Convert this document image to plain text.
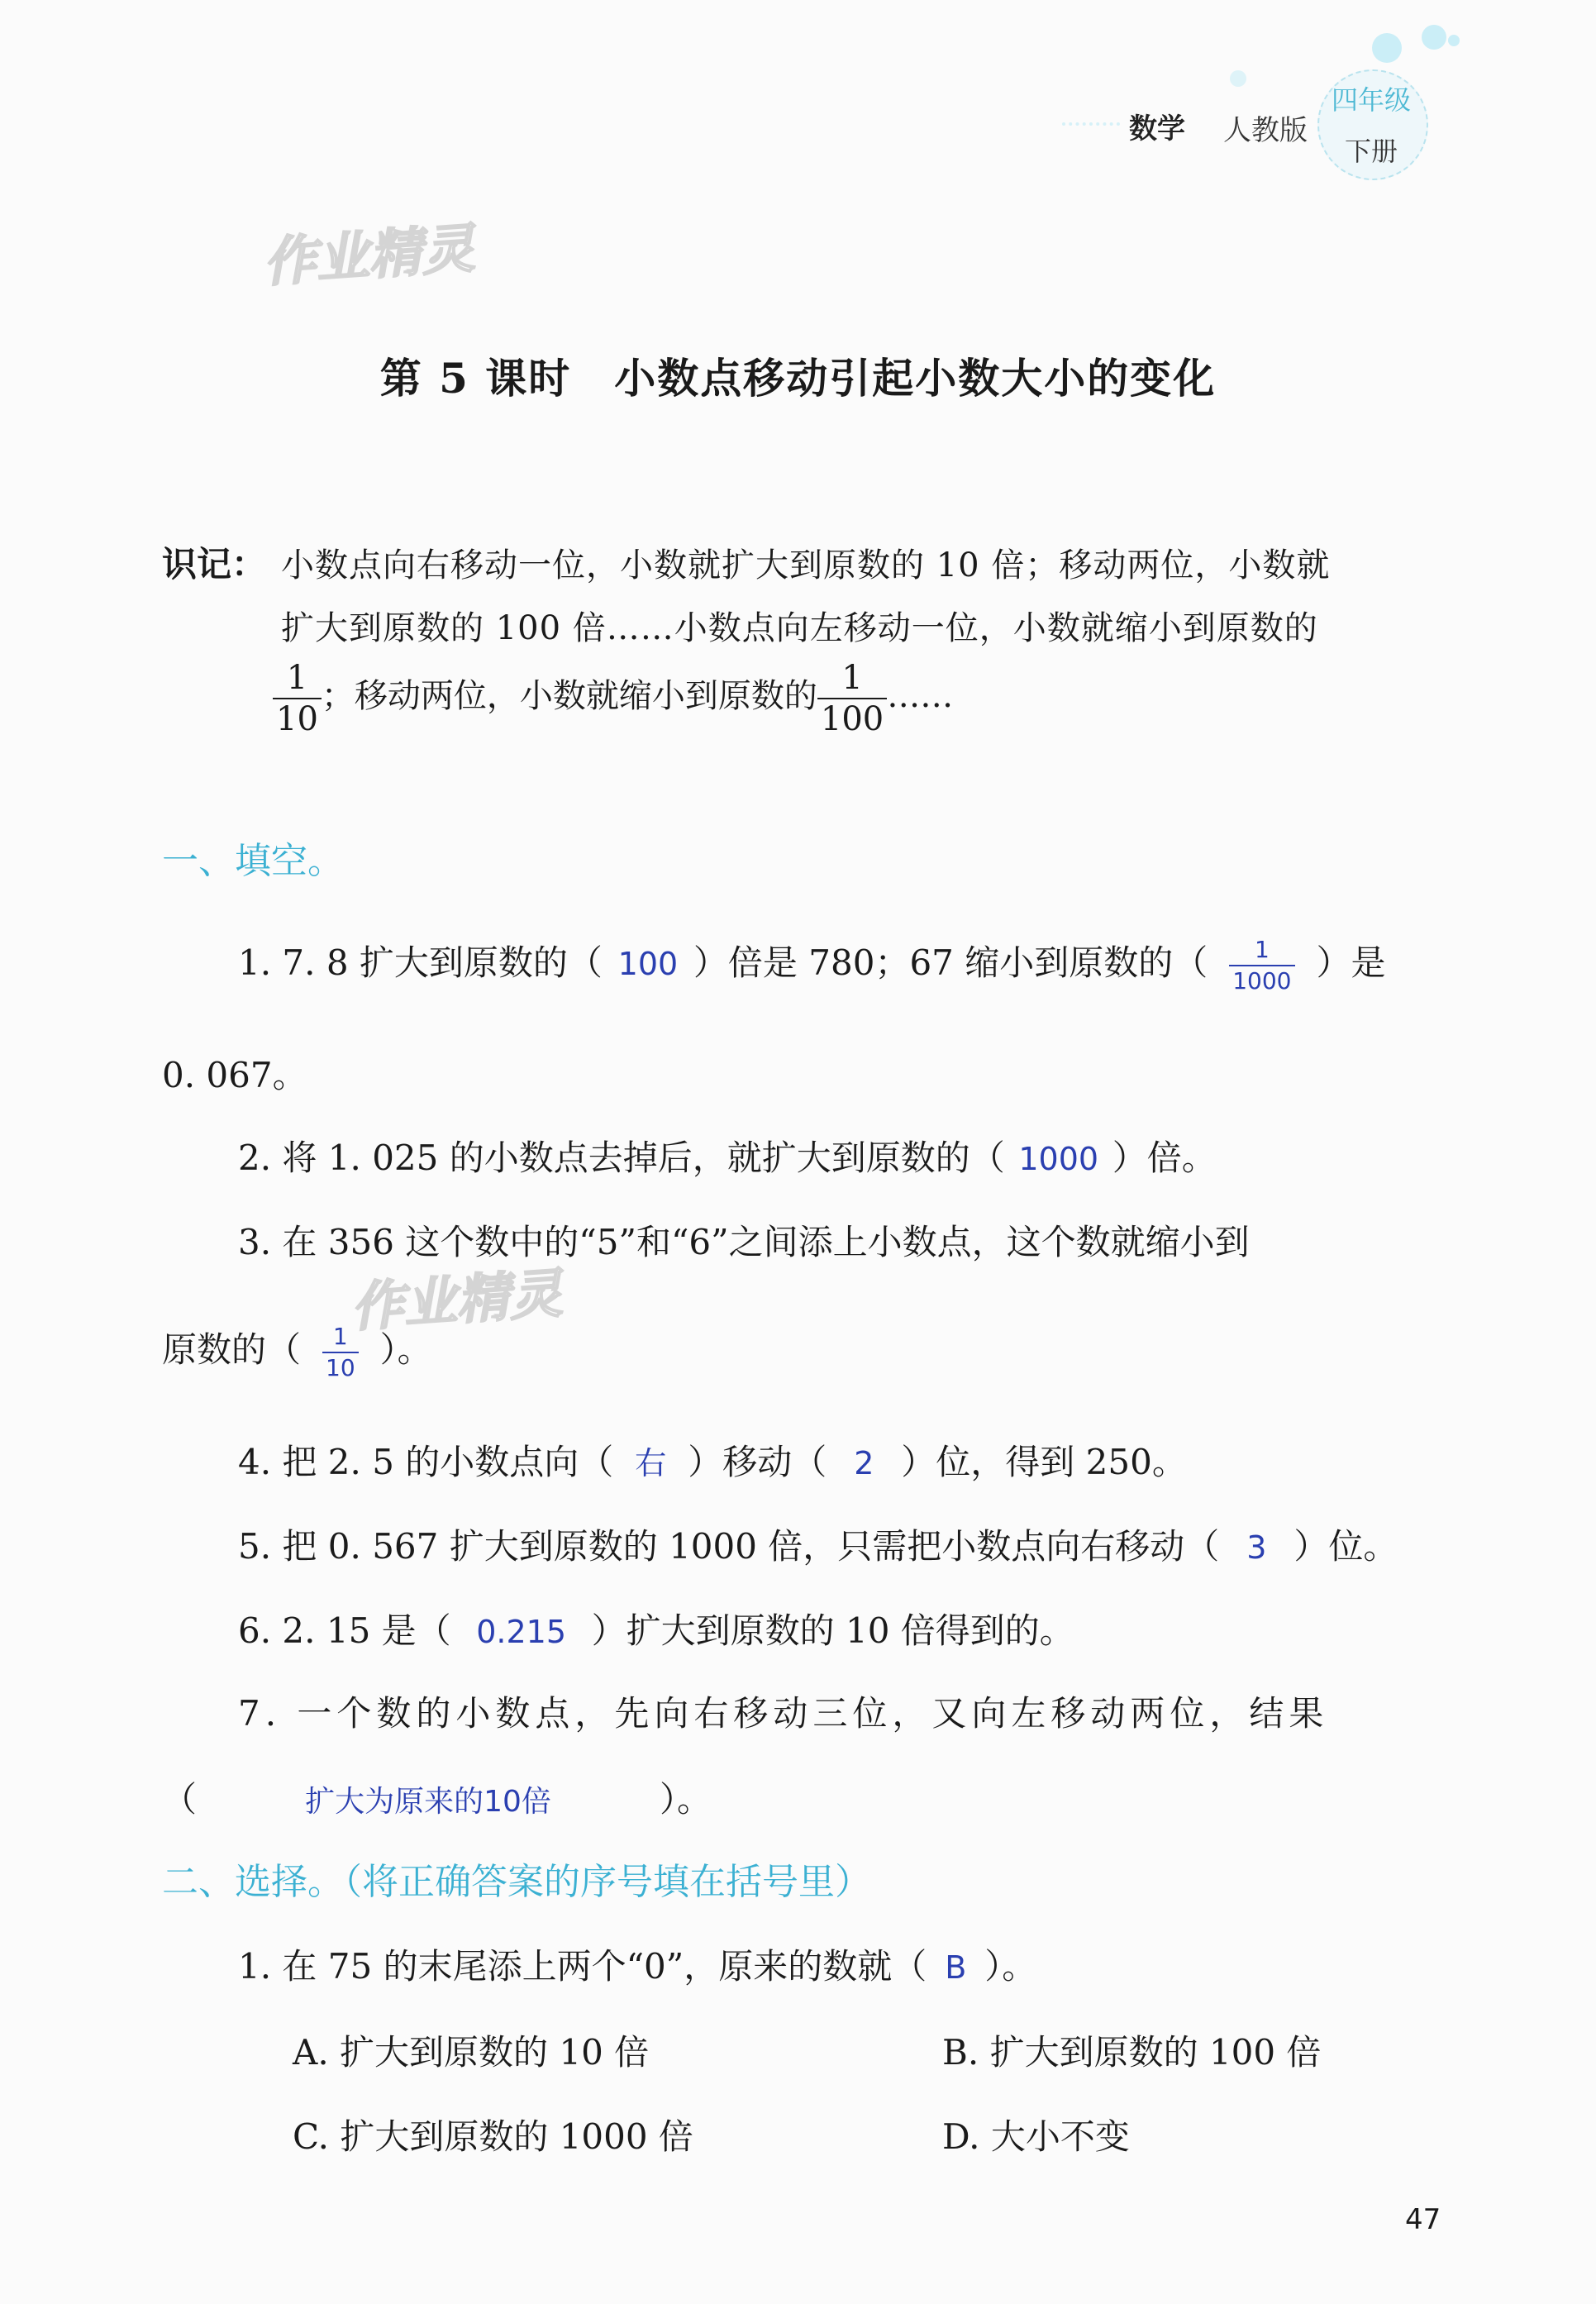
数学 人教版
四年级
下册
作业精灵
作业精灵
第 5 课时　小数点移动引起小数大小的变化
识记： 小数点向右移动一位，小数就扩大到原数的 10 倍；移动两位，小数就
扩大到原数的 100 倍……小数点向左移动一位，小数就缩小到原数的
$\frac{1}{10}$ ；移动两位，小数就缩小到原数的 $\frac{1}{100}$ ……
一、填空。
1. 7. 8 扩大到原数的（ 100 ）倍是 780；67 缩小到原数的（ $\frac{1}{1000}$ ）是
0. 067。
2. 将 1. 025 的小数点去掉后，就扩大到原数的（ 1000 ）倍。
3. 在 356 这个数中的“5”和“6”之间添上小数点，这个数就缩小到
原数的（ $\frac{1}{10}$ ）。
4. 把 2. 5 的小数点向（ 右 ）移动（ 2 ）位，得到 250。
5. 把 0. 567 扩大到原数的 1000 倍，只需把小数点向右移动（ 3 ）位。
6. 2. 15 是（ 0.215 ）扩大到原数的 10 倍得到的。
7. 一个数的小数点，先向右移动三位，又向左移动两位，结果
（	扩大为原来的10倍	）。
二、选择。（将正确答案的序号填在括号里）
1. 在 75 的末尾添上两个“0”，原来的数就（ B ）。
A. 扩大到原数的 10 倍	B. 扩大到原数的 100 倍
C. 扩大到原数的 1000 倍	D. 大小不变
47
